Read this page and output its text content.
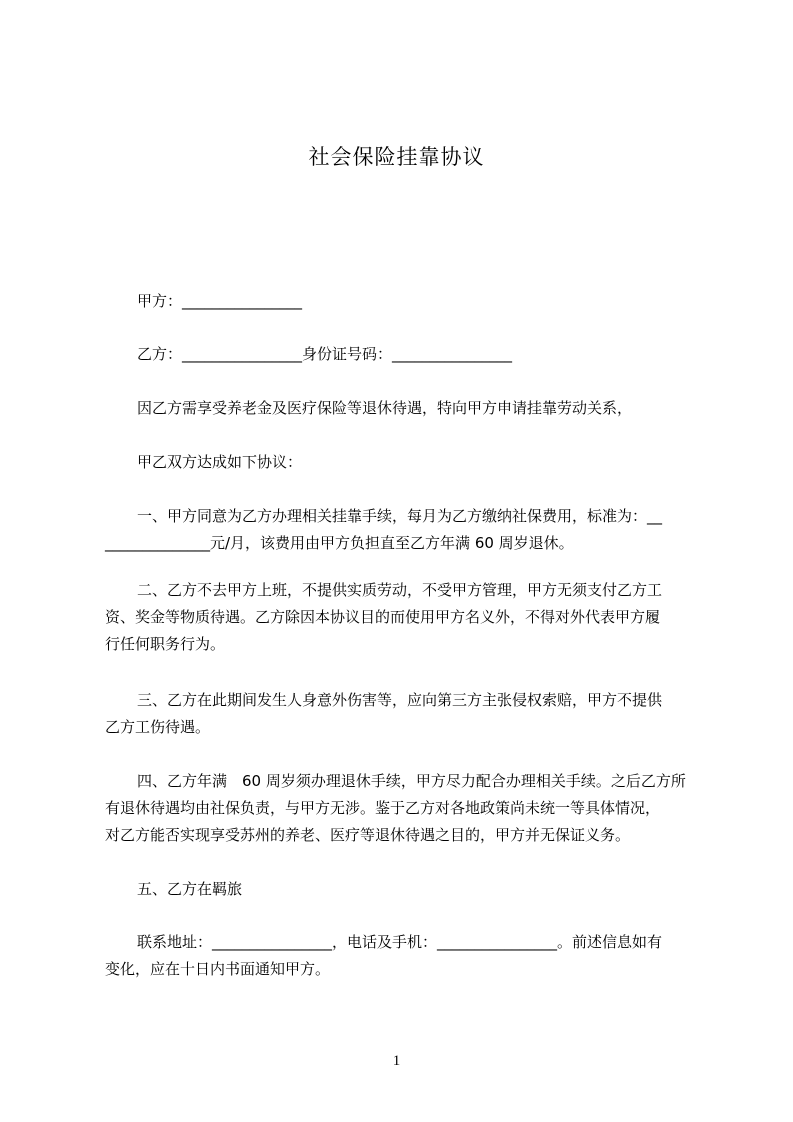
社会保险挂靠协议
甲方：________________
乙方：________________身份证号码：________________
因乙方需享受养老金及医疗保险等退休待遇，特向甲方申请挂靠劳动关系，
甲乙双方达成如下协议：
一、甲方同意为乙方办理相关挂靠手续，每月为乙方缴纳社保费用，标准为：__
______________元/月，该费用由甲方负担直至乙方年满 60 周岁退休。
二、乙方不去甲方上班，不提供实质劳动，不受甲方管理，甲方无须支付乙方工
资、奖金等物质待遇。乙方除因本协议目的而使用甲方名义外，不得对外代表甲方履
行任何职务行为。
三、乙方在此期间发生人身意外伤害等，应向第三方主张侵权索赔，甲方不提供
乙方工伤待遇。
四、乙方年满　60 周岁须办理退休手续，甲方尽力配合办理相关手续。之后乙方所
有退休待遇均由社保负责，与甲方无涉。鉴于乙方对各地政策尚未统一等具体情况，
对乙方能否实现享受苏州的养老、医疗等退休待遇之目的，甲方并无保证义务。
五、乙方在羁旅
联系地址：________________，电话及手机：________________。前述信息如有
变化，应在十日内书面通知甲方。
1
